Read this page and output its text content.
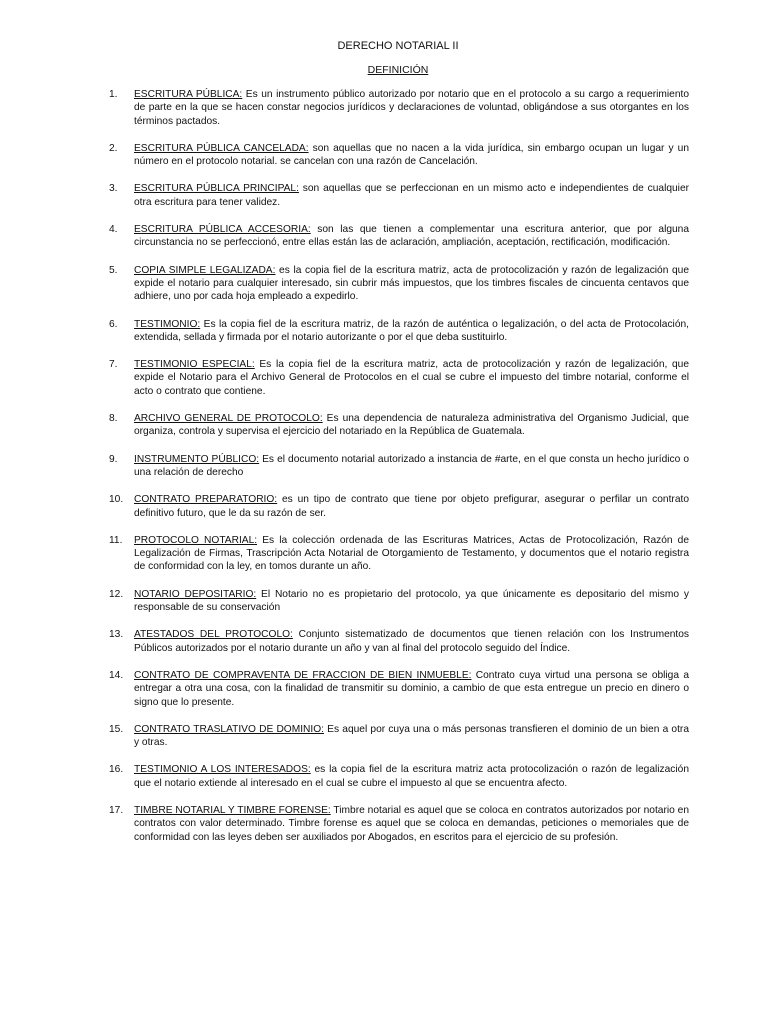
DERECHO NOTARIAL II
DEFINICIÓN
1.	ESCRITURA PÚBLICA: Es un instrumento público autorizado por notario que en el protocolo a su cargo a requerimiento de parte en la que se hacen constar negocios jurídicos y declaraciones de voluntad, obligándose a sus otorgantes en los términos pactados.
2.	ESCRITURA PÚBLICA CANCELADA: son aquellas que no nacen a la vida jurídica, sin embargo ocupan un lugar y un número en el protocolo notarial. se cancelan con una razón de Cancelación.
3.	ESCRITURA PÚBLICA PRINCIPAL: son aquellas que se perfeccionan en un mismo acto e independientes de cualquier otra escritura para tener validez.
4.	ESCRITURA PÚBLICA ACCESORIA: son las que tienen a complementar una escritura anterior, que por alguna circunstancia no se perfeccionó, entre ellas están las de aclaración, ampliación, aceptación, rectificación, modificación.
5.	COPIA SIMPLE LEGALIZADA: es la copia fiel de la escritura matriz, acta de protocolización y razón de legalización que expide el notario para cualquier interesado, sin cubrir más impuestos, que los timbres fiscales de cincuenta centavos que adhiere, uno por cada hoja empleado a expedirlo.
6.	TESTIMONIO: Es la copia fiel de la escritura matriz, de la razón de auténtica o legalización, o del acta de Protocolación, extendida, sellada y firmada por el notario autorizante o por el que deba sustituirlo.
7.	TESTIMONIO ESPECIAL: Es la copia fiel de la escritura matriz, acta de protocolización y razón de legalización, que expide el Notario para el Archivo General de Protocolos en el cual se cubre el impuesto del timbre notarial, conforme el acto o contrato que contiene.
8.	ARCHIVO GENERAL DE PROTOCOLO: Es una dependencia de naturaleza administrativa del Organismo Judicial, que organiza, controla y supervisa el ejercicio del notariado en la República de Guatemala.
9.	INSTRUMENTO PÚBLICO: Es el documento notarial autorizado a instancia de #arte, en el que consta un hecho jurídico o una relación de derecho
10.	CONTRATO PREPARATORIO: es un tipo de contrato que tiene por objeto prefigurar, asegurar o perfilar un contrato definitivo futuro, que le da su razón de ser.
11.	PROTOCOLO NOTARIAL: Es la colección ordenada de las Escrituras Matrices, Actas de Protocolización, Razón de Legalización de Firmas, Trascripción Acta Notarial de Otorgamiento de Testamento, y documentos que el notario registra de conformidad con la ley, en tomos durante un año.
12.	NOTARIO DEPOSITARIO: El Notario no es propietario del protocolo, ya que únicamente es depositario del mismo y responsable de su conservación
13.	ATESTADOS DEL PROTOCOLO: Conjunto sistematizado de documentos que tienen relación con los Instrumentos Públicos autorizados por el notario durante un año y van al final del protocolo seguido del Índice.
14.	CONTRATO DE COMPRAVENTA DE FRACCION DE BIEN INMUEBLE: Contrato cuya virtud una persona se obliga a entregar a otra una cosa, con la finalidad de transmitir su dominio, a cambio de que esta entregue un precio en dinero o signo que lo presente.
15.	CONTRATO TRASLATIVO DE DOMINIO: Es aquel por cuya una o más personas transfieren el dominio de un bien a otra y otras.
16.	TESTIMONIO A LOS INTERESADOS: es la copia fiel de la escritura matriz acta protocolización o razón de legalización que el notario extiende al interesado en el cual se cubre el impuesto al que se encuentra afecto.
17.	TIMBRE NOTARIAL Y TIMBRE FORENSE: Timbre notarial es aquel que se coloca en contratos autorizados por notario en contratos con valor determinado. Timbre forense es aquel que se coloca en demandas, peticiones o memoriales que de conformidad con las leyes deben ser auxiliados por Abogados, en escritos para el ejercicio de su profesión.
